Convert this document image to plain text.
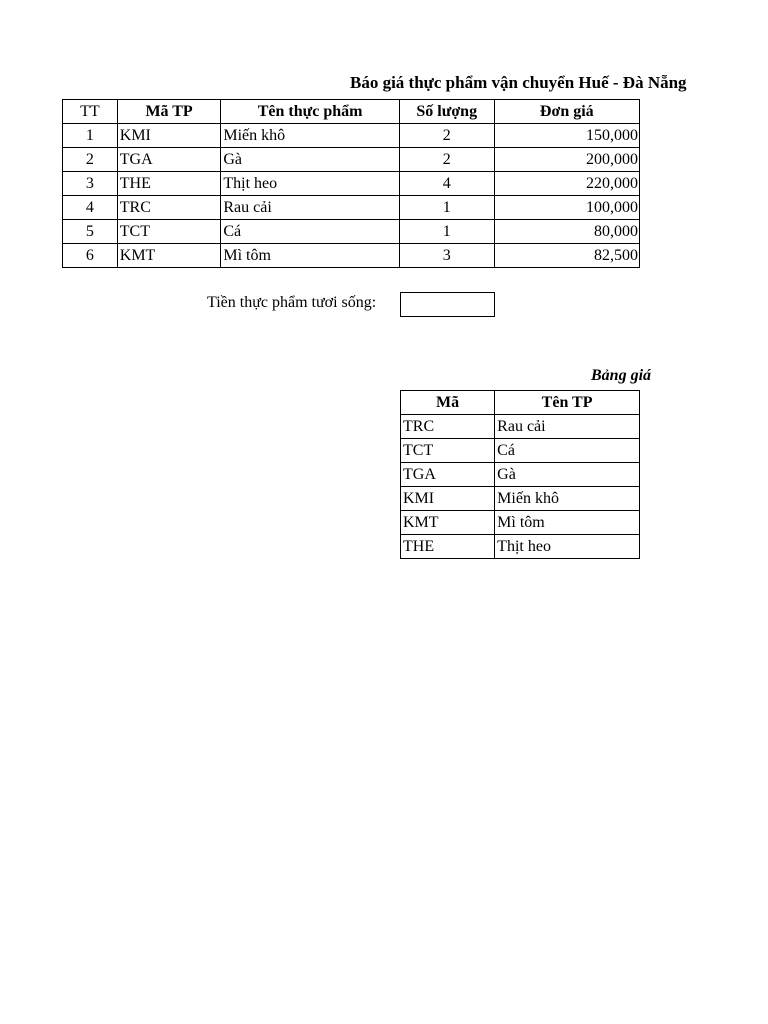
Báo giá thực phẩm vận chuyển Huế - Đà Nẵng
TT	Mã TP	Tên thực phẩm	Số lượng	Đơn giá
1	KMI	Miến khô	2	150,000
2	TGA	Gà	2	200,000
3	THE	Thịt heo	4	220,000
4	TRC	Rau cải	1	100,000
5	TCT	Cá	1	80,000
6	KMT	Mì tôm	3	82,500
Tiền thực phẩm tươi sống:
Bảng giá
Mã	Tên TP
TRC	Rau cải
TCT	Cá
TGA	Gà
KMI	Miến khô
KMT	Mì tôm
THE	Thịt heo
